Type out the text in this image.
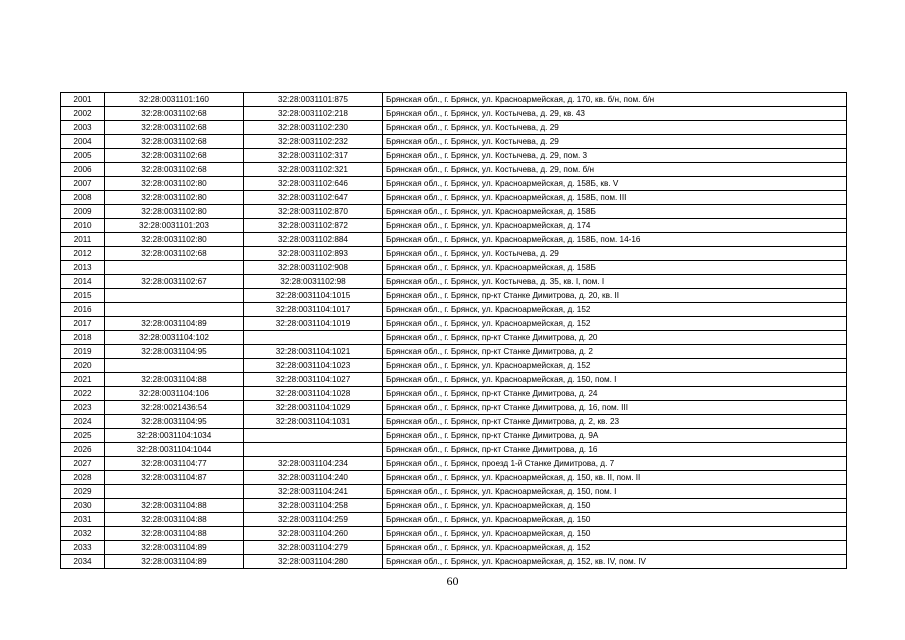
2001	32:28:0031101:160	32:28:0031101:875	Брянская обл., г. Брянск, ул. Красноармейская, д. 170, кв. б/н, пом. б/н
2002	32:28:0031102:68	32:28:0031102:218	Брянская обл., г. Брянск, ул. Костычева, д. 29, кв. 43
2003	32:28:0031102:68	32:28:0031102:230	Брянская обл., г. Брянск, ул. Костычева, д. 29
2004	32:28:0031102:68	32:28:0031102:232	Брянская обл., г. Брянск, ул. Костычева, д. 29
2005	32:28:0031102:68	32:28:0031102:317	Брянская обл., г. Брянск, ул. Костычева, д. 29, пом. 3
2006	32:28:0031102:68	32:28:0031102:321	Брянская обл., г. Брянск, ул. Костычева, д. 29, пом. б/н
2007	32:28:0031102:80	32:28:0031102:646	Брянская обл., г. Брянск, ул. Красноармейская, д. 158Б, кв. V
2008	32:28:0031102:80	32:28:0031102:647	Брянская обл., г. Брянск, ул. Красноармейская, д. 158Б, пом. III
2009	32:28:0031102:80	32:28:0031102:870	Брянская обл., г. Брянск, ул. Красноармейская, д. 158Б
2010	32:28:0031101:203	32:28:0031102:872	Брянская обл., г. Брянск, ул. Красноармейская, д. 174
2011	32:28:0031102:80	32:28:0031102:884	Брянская обл., г. Брянск, ул. Красноармейская, д. 158Б, пом. 14-16
2012	32:28:0031102:68	32:28:0031102:893	Брянская обл., г. Брянск, ул. Костычева, д. 29
2013		32:28:0031102:908	Брянская обл., г. Брянск, ул. Красноармейская, д. 158Б
2014	32:28:0031102:67	32:28:0031102:98	Брянская обл., г. Брянск, ул. Костычева, д. 35, кв. I, пом. I
2015		32:28:0031104:1015	Брянская обл., г. Брянск, пр-кт Станке Димитрова, д. 20, кв. II
2016		32:28:0031104:1017	Брянская обл., г. Брянск, ул. Красноармейская, д. 152
2017	32:28:0031104:89	32:28:0031104:1019	Брянская обл., г. Брянск, ул. Красноармейская, д. 152
2018	32:28:0031104:102		Брянская обл., г. Брянск, пр-кт Станке Димитрова, д. 20
2019	32:28:0031104:95	32:28:0031104:1021	Брянская обл., г. Брянск, пр-кт Станке Димитрова, д. 2
2020		32:28:0031104:1023	Брянская обл., г. Брянск, ул. Красноармейская, д. 152
2021	32:28:0031104:88	32:28:0031104:1027	Брянская обл., г. Брянск, ул. Красноармейская, д. 150, пом. I
2022	32:28:0031104:106	32:28:0031104:1028	Брянская обл., г. Брянск, пр-кт Станке Димитрова, д. 24
2023	32:28:0021436:54	32:28:0031104:1029	Брянская обл., г. Брянск, пр-кт Станке Димитрова, д. 16, пом. III
2024	32:28:0031104:95	32:28:0031104:1031	Брянская обл., г. Брянск, пр-кт Станке Димитрова, д. 2, кв. 23
2025	32:28:0031104:1034		Брянская обл., г. Брянск, пр-кт Станке Димитрова, д. 9А
2026	32:28:0031104:1044		Брянская обл., г. Брянск, пр-кт Станке Димитрова, д. 16
2027	32:28:0031104:77	32:28:0031104:234	Брянская обл., г. Брянск, проезд 1-й Станке Димитрова, д. 7
2028	32:28:0031104:87	32:28:0031104:240	Брянская обл., г. Брянск, ул. Красноармейская, д. 150, кв. II, пом. II
2029		32:28:0031104:241	Брянская обл., г. Брянск, ул. Красноармейская, д. 150, пом. I
2030	32:28:0031104:88	32:28:0031104:258	Брянская обл., г. Брянск, ул. Красноармейская, д. 150
2031	32:28:0031104:88	32:28:0031104:259	Брянская обл., г. Брянск, ул. Красноармейская, д. 150
2032	32:28:0031104:88	32:28:0031104:260	Брянская обл., г. Брянск, ул. Красноармейская, д. 150
2033	32:28:0031104:89	32:28:0031104:279	Брянская обл., г. Брянск, ул. Красноармейская, д. 152
2034	32:28:0031104:89	32:28:0031104:280	Брянская обл., г. Брянск, ул. Красноармейская, д. 152, кв. IV, пом. IV
60
